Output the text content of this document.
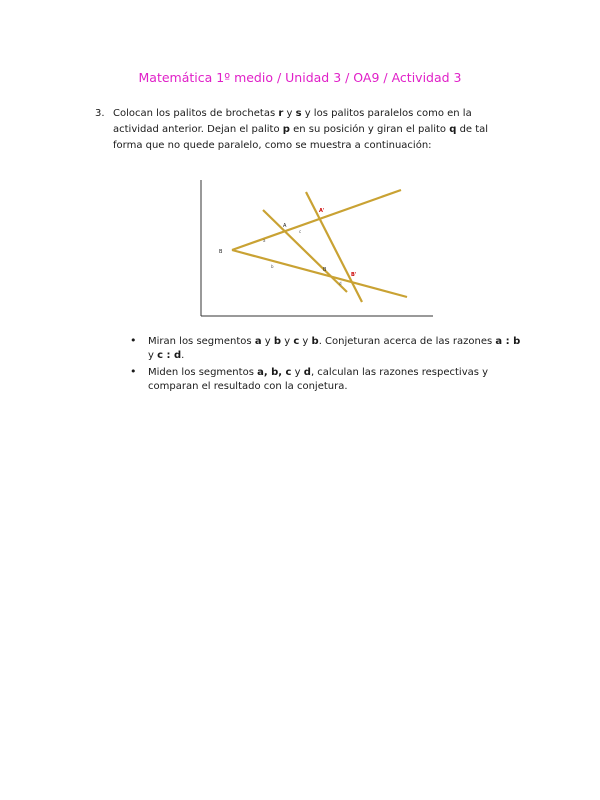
Matemática 1º medio / Unidad 3 / OA9 / Actividad 3
3. Colocan los palitos de brochetas r y s y los palitos paralelos como en la actividad anterior. Dejan el palito p en su posición y giran el palito q de tal forma que no quede paralelo, como se muestra a continuación:
B
A
A'
B
B'
a
b
c
d
• Miran los segmentos a y b y c y b. Conjeturan acerca de las razones a : b y c : d.
• Miden los segmentos a, b, c y d, calculan las razones respectivas y comparan el resultado con la conjetura.
